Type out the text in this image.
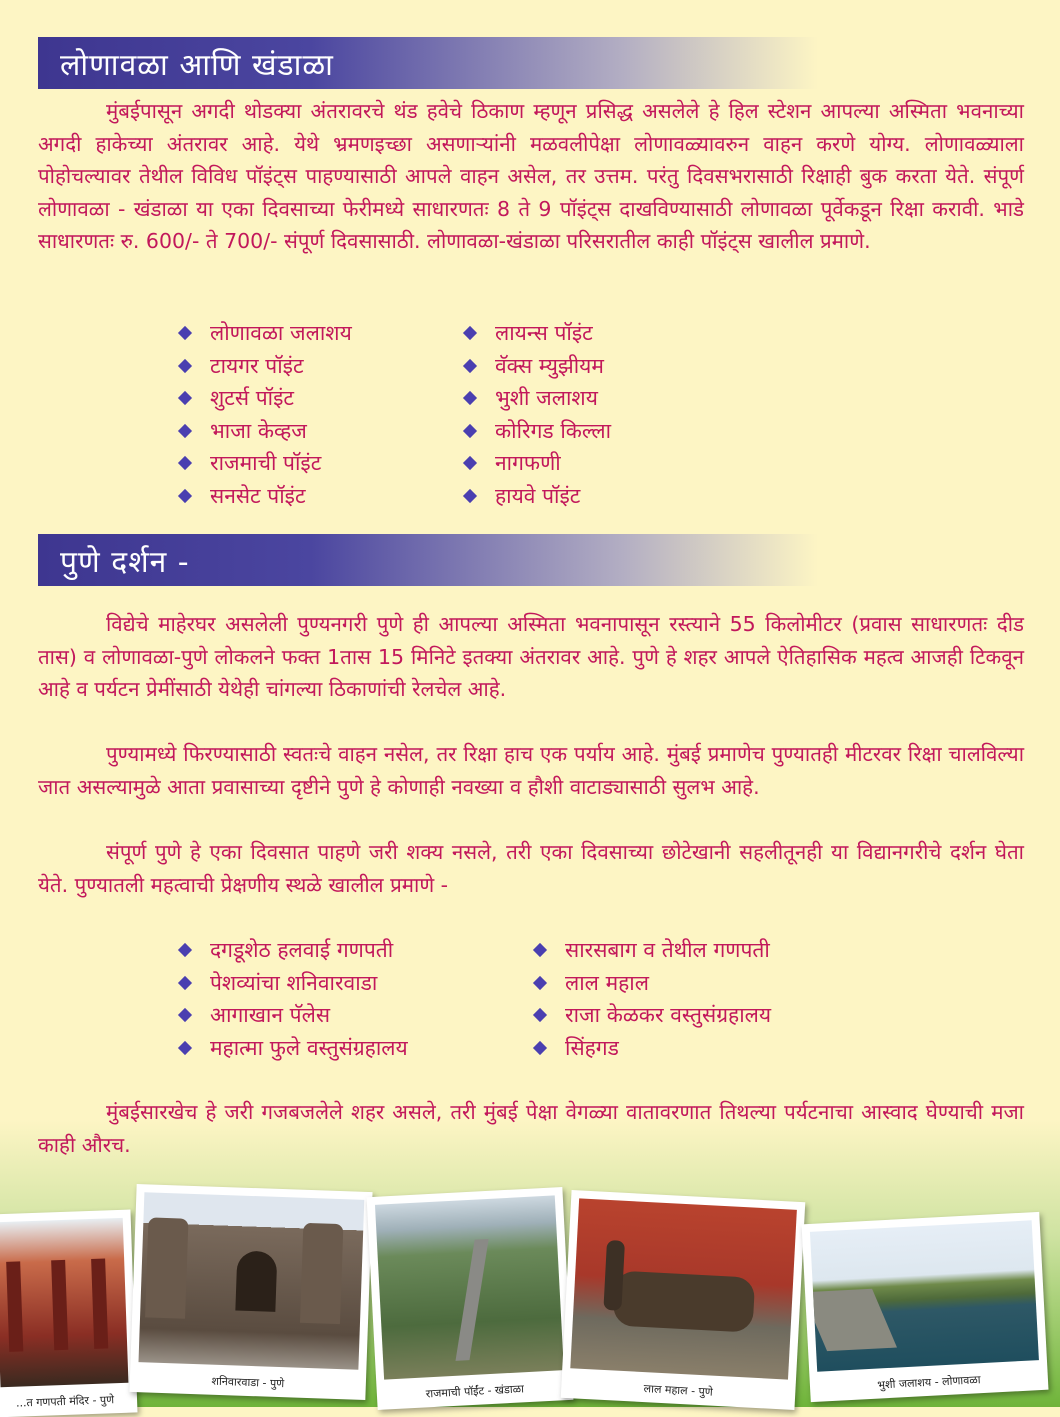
लोणावळा आणि खंडाळा

मुंबईपासून अगदी थोडक्या अंतरावरचे थंड हवेचे ठिकाण म्हणून प्रसिद्ध असलेले हे हिल स्टेशन आपल्या अस्मिता भवनाच्या अगदी हाकेच्या अंतरावर आहे. येथे भ्रमणइच्छा असणाऱ्यांनी मळवलीपेक्षा लोणावळ्यावरुन वाहन करणे योग्य. लोणावळ्याला पोहोचल्यावर तेथील विविध पॉइंट्स पाहण्यासाठी आपले वाहन असेल, तर उत्तम. परंतु दिवसभरासाठी रिक्षाही बुक करता येते. संपूर्ण लोणावळा - खंडाळा या एका दिवसाच्या फेरीमध्ये साधारणतः 8 ते 9 पॉइंट्स दाखविण्यासाठी लोणावळा पूर्वेकडून रिक्षा करावी. भाडे साधारणतः रु. 600/- ते 700/- संपूर्ण दिवसासाठी. लोणावळा-खंडाळा परिसरातील काही पॉइंट्स खालील प्रमाणे.

लोणावळा जलाशय
टायगर पॉइंट
शुटर्स पॉइंट
भाजा केव्हज
राजमाची पॉइंट
सनसेट पॉइंट
लायन्स पॉइंट
वॅक्स म्युझीयम
भुशी जलाशय
कोरिगड किल्ला
नागफणी
हायवे पॉइंट
पुणे दर्शन -

विद्येचे माहेरघर असलेली पुण्यनगरी पुणे ही आपल्या अस्मिता भवनापासून रस्त्याने 55 किलोमीटर (प्रवास साधारणतः दीड तास) व लोणावळा-पुणे लोकलने फक्त 1तास 15 मिनिटे इतक्या अंतरावर आहे. पुणे हे शहर आपले ऐतिहासिक महत्व आजही टिकवून आहे व पर्यटन प्रेमींसाठी येथेही चांगल्या ठिकाणांची रेलचेल आहे.

पुण्यामध्ये फिरण्यासाठी स्वतःचे वाहन नसेल, तर रिक्षा हाच एक पर्याय आहे. मुंबई प्रमाणेच पुण्यातही मीटरवर रिक्षा चालविल्या जात असल्यामुळे आता प्रवासाच्या दृष्टीने पुणे हे कोणाही नवख्या व हौशी वाटाड्यासाठी सुलभ आहे.

संपूर्ण पुणे हे एका दिवसात पाहणे जरी शक्य नसले, तरी एका दिवसाच्या छोटेखानी सहलीतूनही या विद्यानगरीचे दर्शन घेता येते. पुण्यातली महत्वाची प्रेक्षणीय स्थळे खालील प्रमाणे -

दगडूशेठ हलवाई गणपती
पेशव्यांचा शनिवारवाडा
आगाखान पॅलेस
महात्मा फुले वस्तुसंग्रहालय
सारसबाग व तेथील गणपती
लाल महाल
राजा केळकर वस्तुसंग्रहालय
सिंहगड

मुंबईसारखेच हे जरी गजबजलेले शहर असले, तरी मुंबई पेक्षा वेगळ्या वातावरणात तिथल्या पर्यटनाचा आस्वाद घेण्याची मजा काही औरच.

...त गणपती मंदिर - पुणे
शनिवारवाडा - पुणे	राजमाची पॉईंट - खंडाळा	लाल महाल - पुणे	भुशी जलाशय - लोणावळा
